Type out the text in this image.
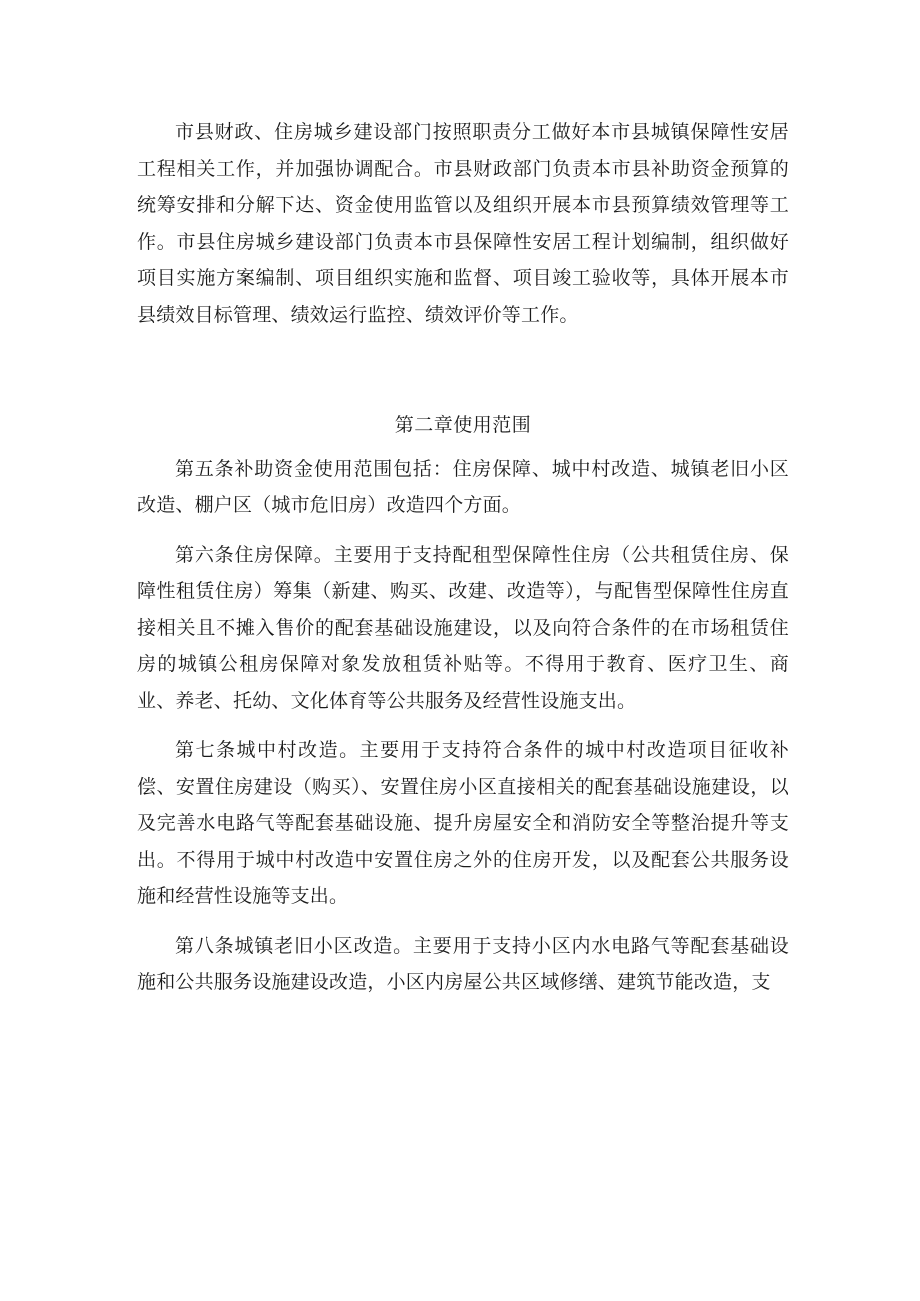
市县财政、住房城乡建设部门按照职责分工做好本市县城镇保障性安居工程相关工作，并加强协调配合。市县财政部门负责本市县补助资金预算的统筹安排和分解下达、资金使用监管以及组织开展本市县预算绩效管理等工作。市县住房城乡建设部门负责本市县保障性安居工程计划编制，组织做好项目实施方案编制、项目组织实施和监督、项目竣工验收等，具体开展本市县绩效目标管理、绩效运行监控、绩效评价等工作。

第二章使用范围

第五条补助资金使用范围包括：住房保障、城中村改造、城镇老旧小区改造、棚户区（城市危旧房）改造四个方面。

第六条住房保障。主要用于支持配租型保障性住房（公共租赁住房、保障性租赁住房）筹集（新建、购买、改建、改造等），与配售型保障性住房直接相关且不摊入售价的配套基础设施建设，以及向符合条件的在市场租赁住房的城镇公租房保障对象发放租赁补贴等。不得用于教育、医疗卫生、商业、养老、托幼、文化体育等公共服务及经营性设施支出。

第七条城中村改造。主要用于支持符合条件的城中村改造项目征收补偿、安置住房建设（购买）、安置住房小区直接相关的配套基础设施建设，以及完善水电路气等配套基础设施、提升房屋安全和消防安全等整治提升等支出。不得用于城中村改造中安置住房之外的住房开发，以及配套公共服务设施和经营性设施等支出。

第八条城镇老旧小区改造。主要用于支持小区内水电路气等配套基础设施和公共服务设施建设改造，小区内房屋公共区域修缮、建筑节能改造，支
